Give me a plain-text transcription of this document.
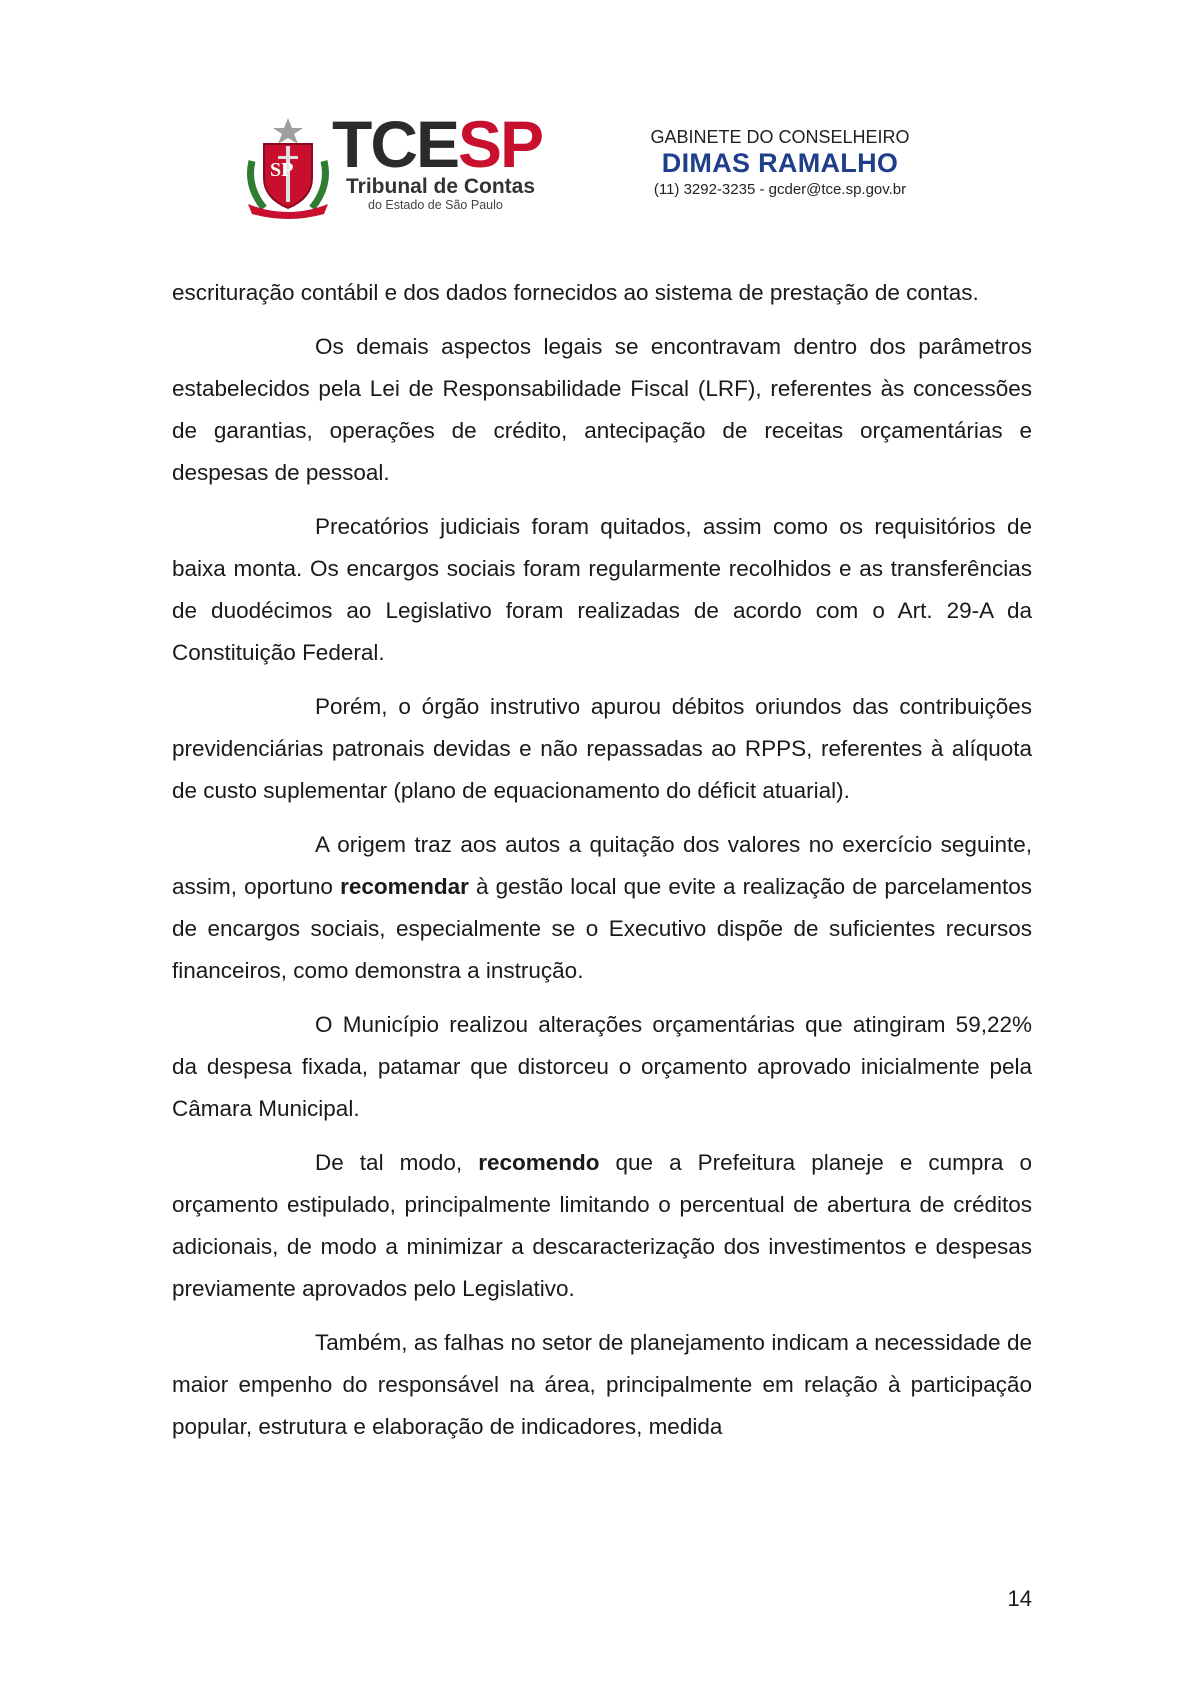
SP TCESP
Tribunal de Contas
do Estado de São Paulo
GABINETE DO CONSELHEIRO
DIMAS RAMALHO
(11) 3292-3235 - gcder@tce.sp.gov.br

escrituração contábil e dos dados fornecidos ao sistema de prestação de contas.

Os demais aspectos legais se encontravam dentro dos parâmetros estabelecidos pela Lei de Responsabilidade Fiscal (LRF), referentes às concessões de garantias, operações de crédito, antecipação de receitas orçamentárias e despesas de pessoal.

Precatórios judiciais foram quitados, assim como os requisitórios de baixa monta. Os encargos sociais foram regularmente recolhidos e as transferências de duodécimos ao Legislativo foram realizadas de acordo com o Art. 29-A da Constituição Federal.

Porém, o órgão instrutivo apurou débitos oriundos das contribuições previdenciárias patronais devidas e não repassadas ao RPPS, referentes à alíquota de custo suplementar (plano de equacionamento do déficit atuarial).

A origem traz aos autos a quitação dos valores no exercício seguinte, assim, oportuno recomendar à gestão local que evite a realização de parcelamentos de encargos sociais, especialmente se o Executivo dispõe de suficientes recursos financeiros, como demonstra a instrução.

O Município realizou alterações orçamentárias que atingiram 59,22% da despesa fixada, patamar que distorceu o orçamento aprovado inicialmente pela Câmara Municipal.

De tal modo, recomendo que a Prefeitura planeje e cumpra o orçamento estipulado, principalmente limitando o percentual de abertura de créditos adicionais, de modo a minimizar a descaracterização dos investimentos e despesas previamente aprovados pelo Legislativo.

Também, as falhas no setor de planejamento indicam a necessidade de maior empenho do responsável na área, principalmente em relação à participação popular, estrutura e elaboração de indicadores, medida

14
